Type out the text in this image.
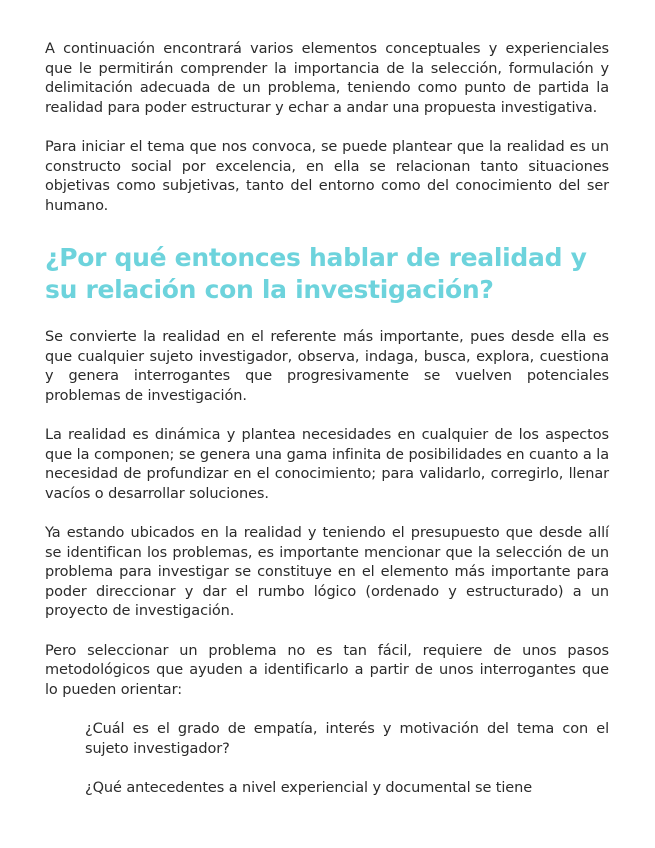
A continuación encontrará varios elementos conceptuales y experienciales que le permitirán comprender la importancia de la selección, formulación y delimitación adecuada de un problema, teniendo como punto de partida la realidad para poder estructurar y echar a andar una propuesta investigativa.

Para iniciar el tema que nos convoca, se puede plantear que la realidad es un constructo social por excelencia, en ella se relacionan tanto situaciones objetivas como subjetivas, tanto del entorno como del conocimiento del ser humano.

¿Por qué entonces hablar de realidad y su relación con la investigación?

Se convierte la realidad en el referente más importante, pues desde ella es que cualquier sujeto investigador, observa, indaga, busca, explora, cuestiona y genera interrogantes que progresivamente se vuelven potenciales problemas de investigación.

La realidad es dinámica y plantea necesidades en cualquier de los aspectos que la componen; se genera una gama infinita de posibilidades en cuanto a la necesidad de profundizar en el conocimiento; para validarlo, corregirlo, llenar vacíos o desarrollar soluciones.

Ya estando ubicados en la realidad y teniendo el presupuesto que desde allí se identifican los problemas, es importante mencionar que la selección de un problema para investigar se constituye en el elemento más importante para poder direccionar y dar el rumbo lógico (ordenado y estructurado) a un proyecto de investigación.

Pero seleccionar un problema no es tan fácil, requiere de unos pasos metodológicos que ayuden a identificarlo a partir de unos interrogantes que lo pueden orientar:

¿Cuál es el grado de empatía, interés y motivación del tema con el sujeto investigador?
¿Qué antecedentes a nivel experiencial y documental se tiene
